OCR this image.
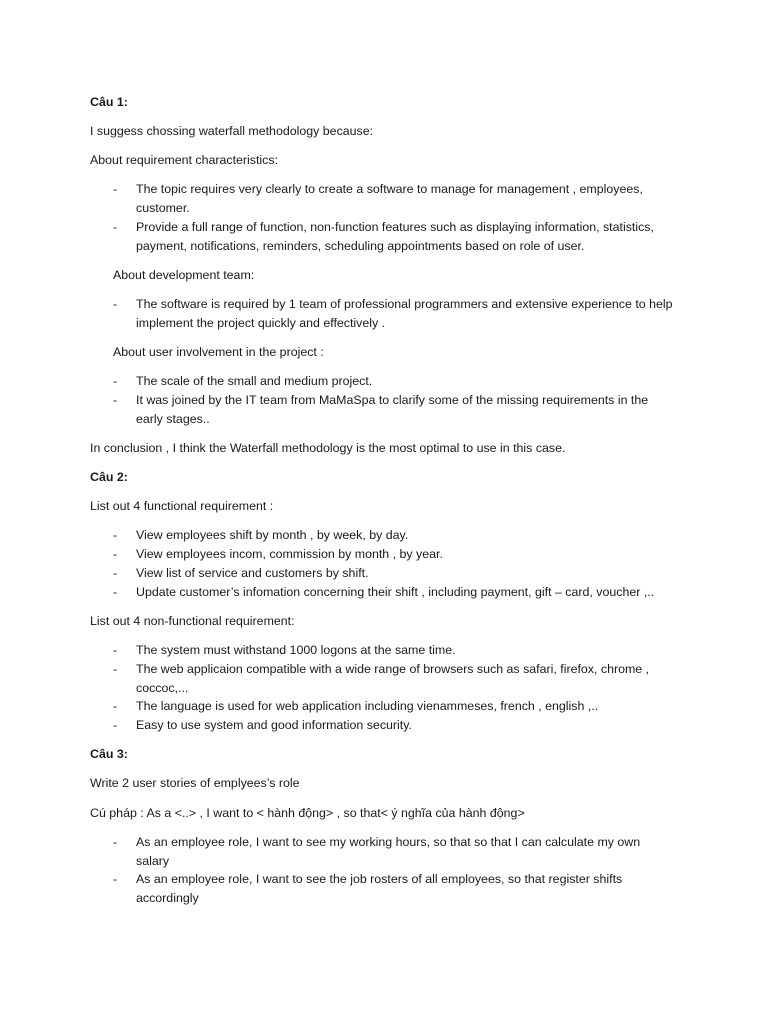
Câu 1:
I suggess chossing waterfall methodology because:
About requirement characteristics:
- The topic requires very clearly to create a software to manage for management , employees, customer.
- Provide a full range of function, non-function features such as displaying information, statistics, payment, notifications, reminders, scheduling appointments based on role of user.
About development team:
- The software is required by 1 team of professional programmers and extensive experience to help implement the project quickly and effectively .
About user involvement in the project :
- The scale of the small and medium project.
- It was joined by the IT team from MaMaSpa to clarify some of the missing requirements in the early stages..
In conclusion , I think the Waterfall methodology is the most optimal to use in this case.
Câu 2:
List out 4 functional requirement :
- View employees shift by month , by week, by day.
- View employees incom, commission by month , by year.
- View list of service and customers by shift.
- Update customer’s infomation concerning their shift , including payment, gift – card, voucher ,..
List out 4 non-functional requirement:
- The system must withstand 1000 logons at the same time.
- The web applicaion compatible with a wide range of browsers such as safari, firefox, chrome , coccoc,...
- The language is used for web application including vienammeses, french , english ,..
- Easy to use system and good information security.
Câu 3:
Write 2 user stories of emplyees’s role
Cú pháp : As a <..> , I want to < hành động> , so that< ý nghĩa của hành động>
- As an employee role, I want to see my working hours, so that so that I can calculate my own salary
- As an employee role, I want to see the job rosters of all employees, so that register shifts accordingly
